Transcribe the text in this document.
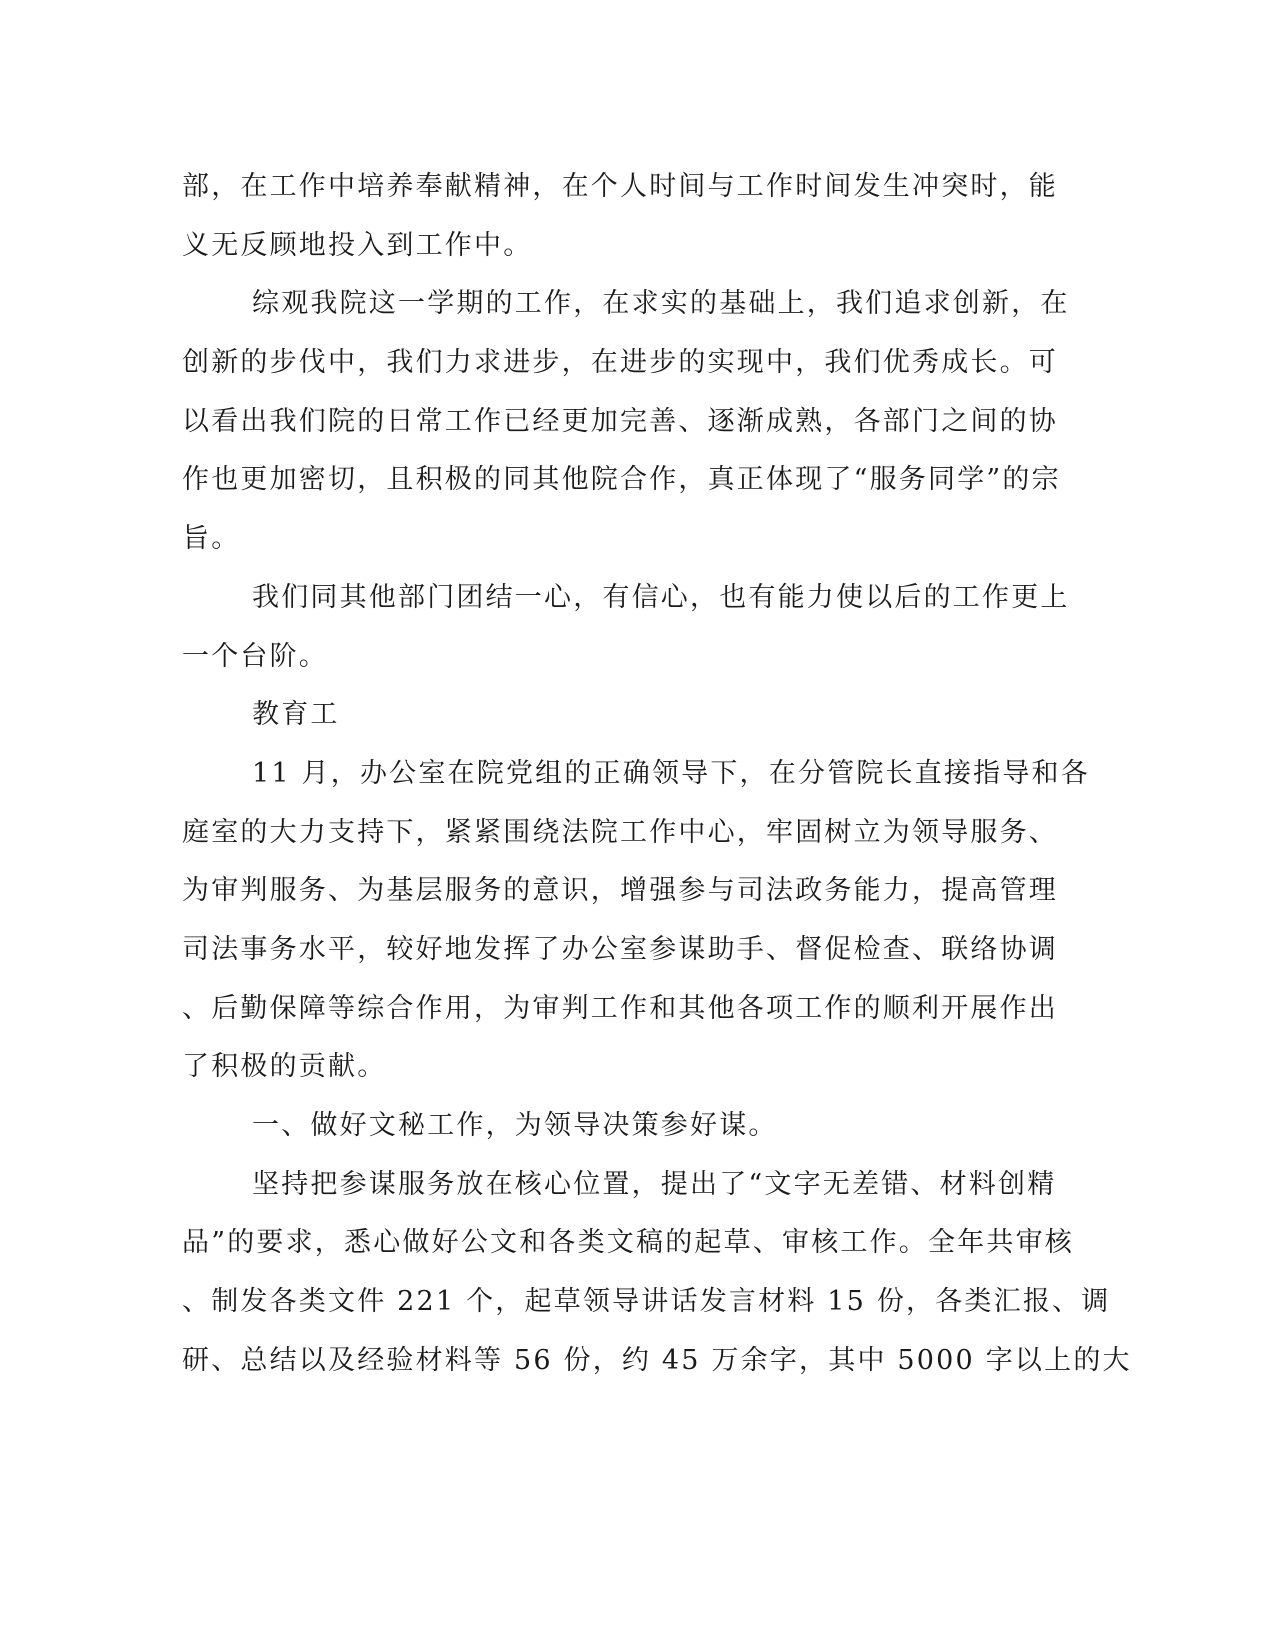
部，在工作中培养奉献精神，在个人时间与工作时间发生冲突时，能
义无反顾地投入到工作中。
综观我院这一学期的工作，在求实的基础上，我们追求创新，在
创新的步伐中，我们力求进步，在进步的实现中，我们优秀成长。可
以看出我们院的日常工作已经更加完善、逐渐成熟，各部门之间的协
作也更加密切，且积极的同其他院合作，真正体现了“服务同学”的宗
旨。
我们同其他部门团结一心，有信心，也有能力使以后的工作更上
一个台阶。
教育工
11 月，办公室在院党组的正确领导下，在分管院长直接指导和各
庭室的大力支持下，紧紧围绕法院工作中心，牢固树立为领导服务、
为审判服务、为基层服务的意识，增强参与司法政务能力，提高管理
司法事务水平，较好地发挥了办公室参谋助手、督促检查、联络协调
、后勤保障等综合作用，为审判工作和其他各项工作的顺利开展作出
了积极的贡献。
一、做好文秘工作，为领导决策参好谋。
坚持把参谋服务放在核心位置，提出了“文字无差错、材料创精
品”的要求，悉心做好公文和各类文稿的起草、审核工作。全年共审核
、制发各类文件 221 个，起草领导讲话发言材料 15 份，各类汇报、调
研、总结以及经验材料等 56 份，约 45 万余字，其中 5000 字以上的大
